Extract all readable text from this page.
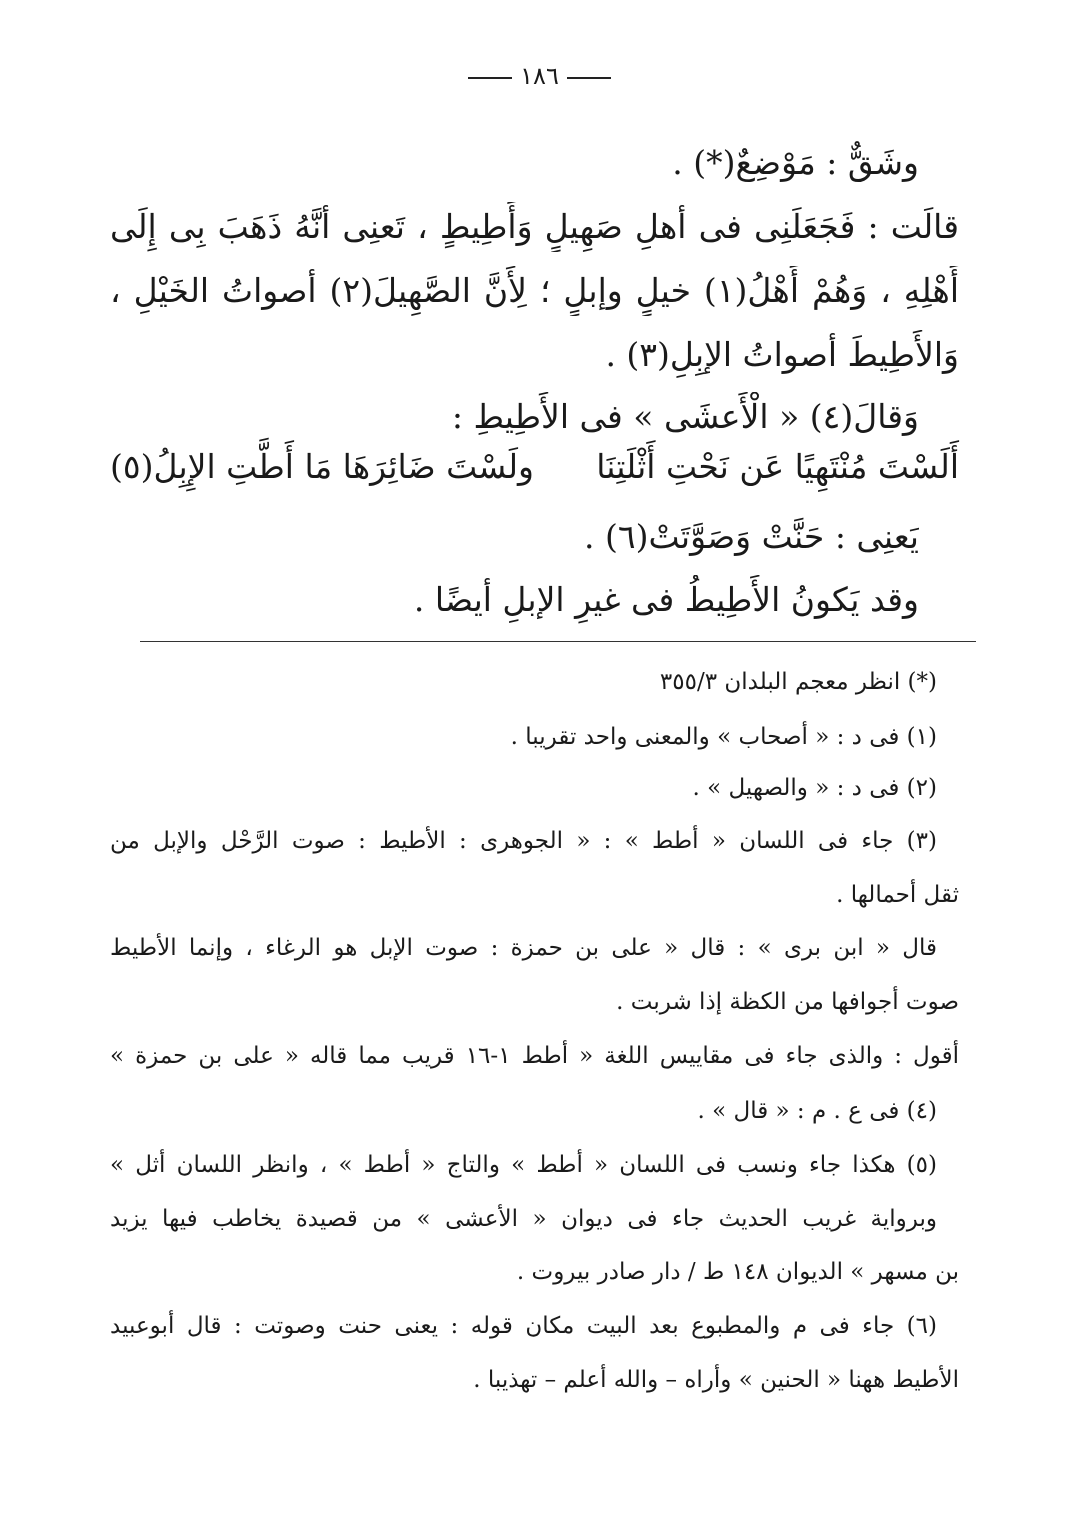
١٨٦
وشَقٌّ : مَوْضِعٌ(*) .
قالَت : فَجَعَلَنِى فى أهلِ صَهِيلٍ وَأَطِيطٍ ، تَعنِى أنَّهُ ذَهَبَ بِى إِلَى
أَهْلِهِ ، وَهُمْ أَهْلُ(١) خيلٍ وإبلٍ ؛ لِأَنَّ الصَّهِيلَ(٢) أصواتُ الخَيْلِ ،
وَالأَطِيطَ أصواتُ الإبِلِ(٣) .
وَقالَ(٤) « الْأَعشَى » فى الأَطِيطِ :
أَلَسْتَ مُنْتَهِيًا عَن نَحْتِ أَثْلَتِنَا
ولَسْتَ ضَائِرَهَا مَا أَطَّتِ الإِبِلُ(٥)
يَعنِى : حَنَّتْ وَصَوَّتَتْ(٦) .
وقد يَكونُ الأَطِيطُ فى غيرِ الإبلِ أيضًا .
(*) انظر معجم البلدان ٣٥٥/٣
(١) فى د : « أصحاب » والمعنى واحد تقريبا .
(٢) فى د : « والصهيل » .
(٣) جاء فى اللسان « أطط » : « الجوهرى : الأطيط : صوت الرَّحْل والإبل من
ثقل أحمالها .
قال « ابن برى » : قال « على بن حمزة : صوت الإبل هو الرغاء ، وإنما الأطيط
صوت أجوافها من الكظة إذا شربت .
أقول : والذى جاء فى مقاييس اللغة « أطط ١-١٦ قريب مما قاله « على بن حمزة »
(٤) فى ع . م : « قال » .
(٥) هكذا جاء ونسب فى اللسان « أطط » والتاج « أطط » ، وانظر اللسان أثل »
وبرواية غريب الحديث جاء فى ديوان « الأعشى » من قصيدة يخاطب فيها يزيد
بن مسهر » الديوان ١٤٨ ط / دار صادر بيروت .
(٦) جاء فى م والمطبوع بعد البيت مكان قوله : يعنى حنت وصوتت : قال أبوعبيد
الأطيط ههنا « الحنين » وأراه – والله أعلم – تهذيبا .
